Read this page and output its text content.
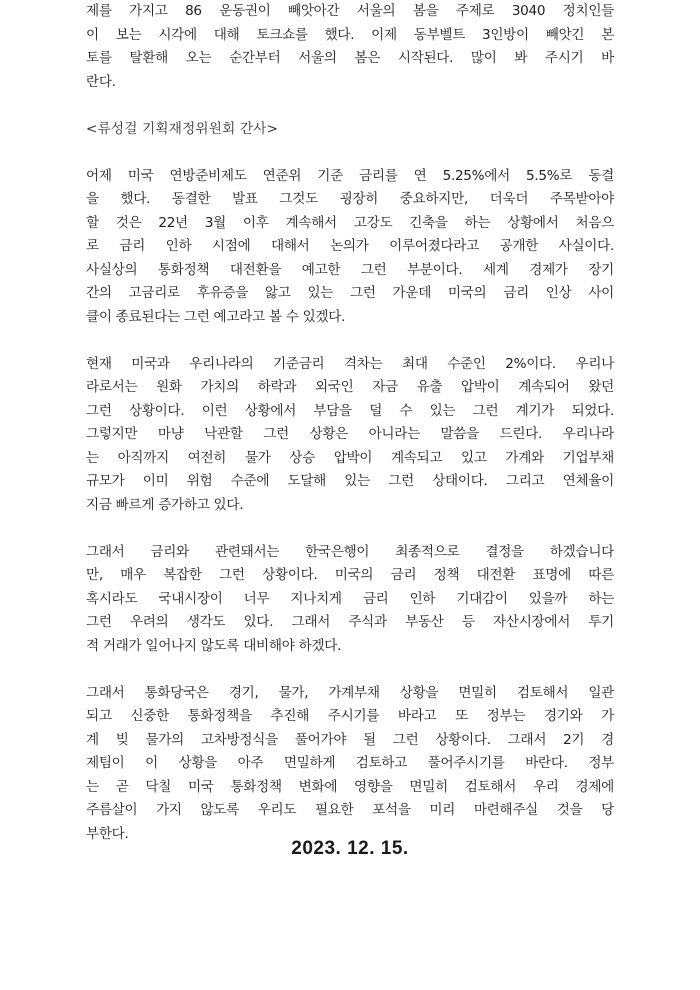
제를 가지고 86 운동권이 빼앗아간 서울의 봄을 주제로 3040 정치인들
이 보는 시각에 대해 토크쇼를 했다. 이제 동부벨트 3인방이 빼앗긴 본
토를 탈환해 오는 순간부터 서울의 봄은 시작된다. 많이 봐 주시기 바
란다.

<류성걸 기획재정위원회 간사>

어제 미국 연방준비제도 연준위 기준 금리를 연 5.25%에서 5.5%로 동결
을 했다. 동결한 발표 그것도 굉장히 중요하지만, 더욱더 주목받아야
할 것은 22년 3월 이후 계속해서 고강도 긴축을 하는 상황에서 처음으
로 금리 인하 시점에 대해서 논의가 이루어졌다라고 공개한 사실이다.
사실상의 통화정책 대전환을 예고한 그런 부분이다. 세계 경제가 장기
간의 고금리로 후유증을 앓고 있는 그런 가운데 미국의 금리 인상 사이
클이 종료된다는 그런 예고라고 볼 수 있겠다.
현재 미국과 우리나라의 기준금리 격차는 최대 수준인 2%이다. 우리나
라로서는 원화 가치의 하락과 외국인 자금 유출 압박이 계속되어 왔던
그런 상황이다. 이런 상황에서 부담을 덜 수 있는 그런 계기가 되었다.
그렇지만 마냥 낙관할 그런 상황은 아니라는 말씀을 드린다. 우리나라
는 아직까지 여전히 물가 상승 압박이 계속되고 있고 가계와 기업부채
규모가 이미 위험 수준에 도달해 있는 그런 상태이다. 그리고 연체율이
지금 빠르게 증가하고 있다.
그래서 금리와 관련돼서는 한국은행이 최종적으로 결정을 하겠습니다
만, 매우 복잡한 그런 상황이다. 미국의 금리 정책 대전환 표명에 따른
혹시라도 국내시장이 너무 지나치게 금리 인하 기대감이 있을까 하는
그런 우려의 생각도 있다. 그래서 주식과 부동산 등 자산시장에서 투기
적 거래가 일어나지 않도록 대비해야 하겠다.
그래서 통화당국은 경기, 물가, 가계부채 상황을 면밀히 검토해서 일관
되고 신중한 통화정책을 추진해 주시기를 바라고 또 정부는 경기와 가
계 빚 물가의 고차방정식을 풀어가야 될 그런 상황이다. 그래서 2기 경
제팀이 이 상황을 아주 면밀하게 검토하고 풀어주시기를 바란다. 정부
는 곧 닥칠 미국 통화정책 변화에 영향을 면밀히 검토해서 우리 경제에
주름살이 가지 않도록 우리도 필요한 포석을 미리 마련해주실 것을 당
부한다.
2023. 12. 15.
